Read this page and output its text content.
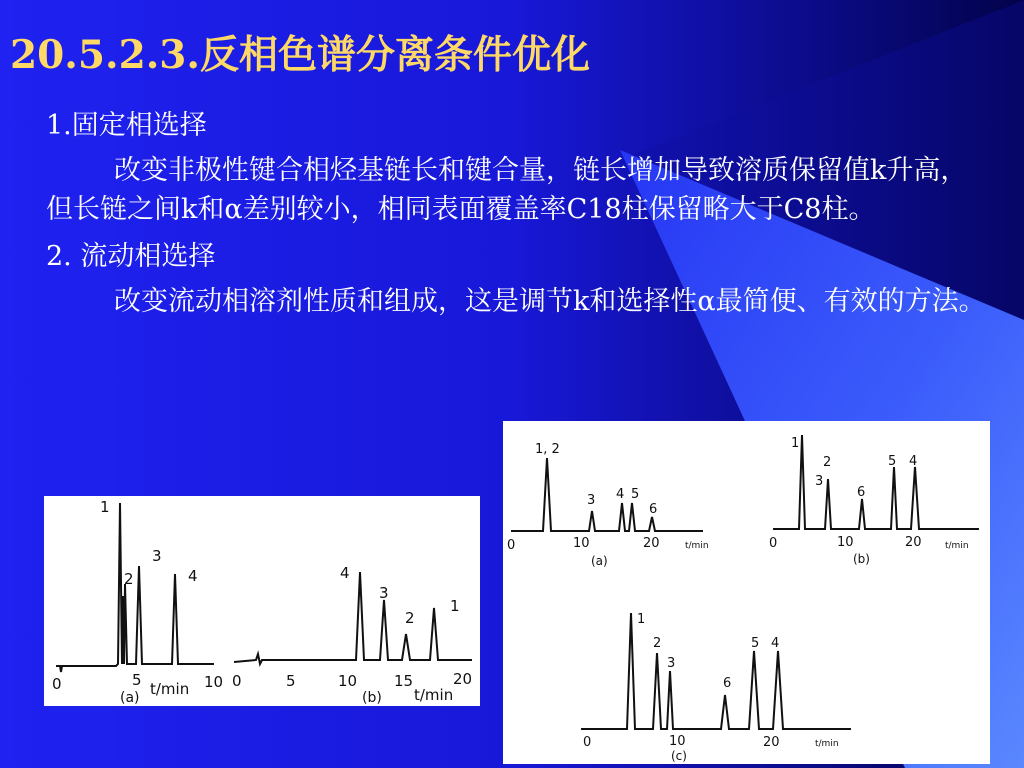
20.5.2.3.反相色谱分离条件优化

1.固定相选择

改变非极性键合相烃基链长和键合量，链长增加导致溶质保留值k升高，但长链之间k和α差别较小，相同表面覆盖率C18柱保留略大于C8柱。

2. 流动相选择

改变流动相溶剂性质和组成，这是调节k和选择性α最简便、有效的方法。

1
2
3
4
0	5	10
t/min
(a)
4
3
2
1
0	5	10 15	20
t/min
(b)
1, 2
3 4 5
6
0	10	20	t/min
(a)
1
2
3
6
5 4
0	10	20	t/min
(b)
1
2
3
6
5 4
0	10	20	t/min
(c)
